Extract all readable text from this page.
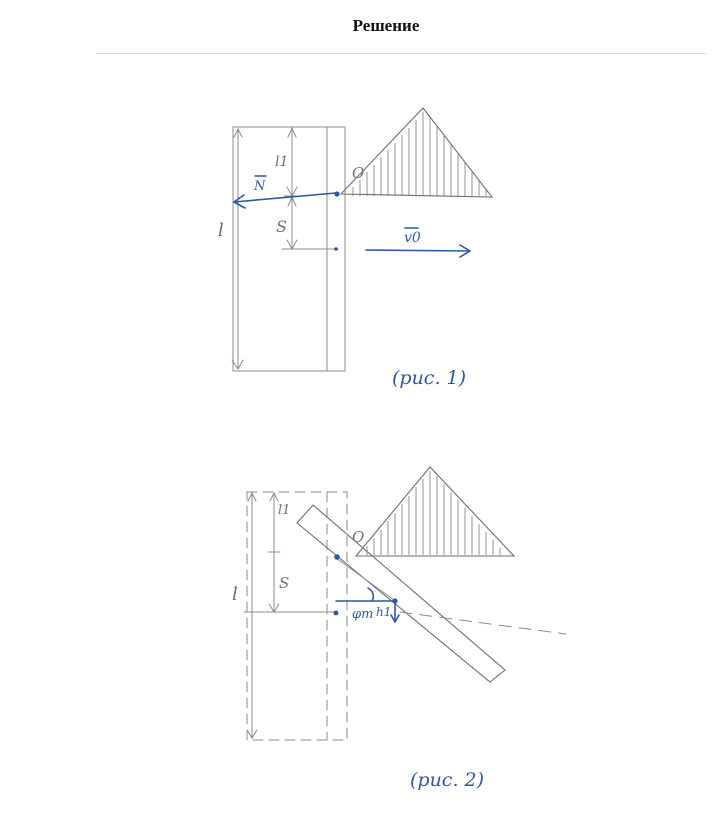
Решение
l
l1
S
O
N
v0
(рис. 1)
l
l1
S
O
φm h1
(рис. 2)
